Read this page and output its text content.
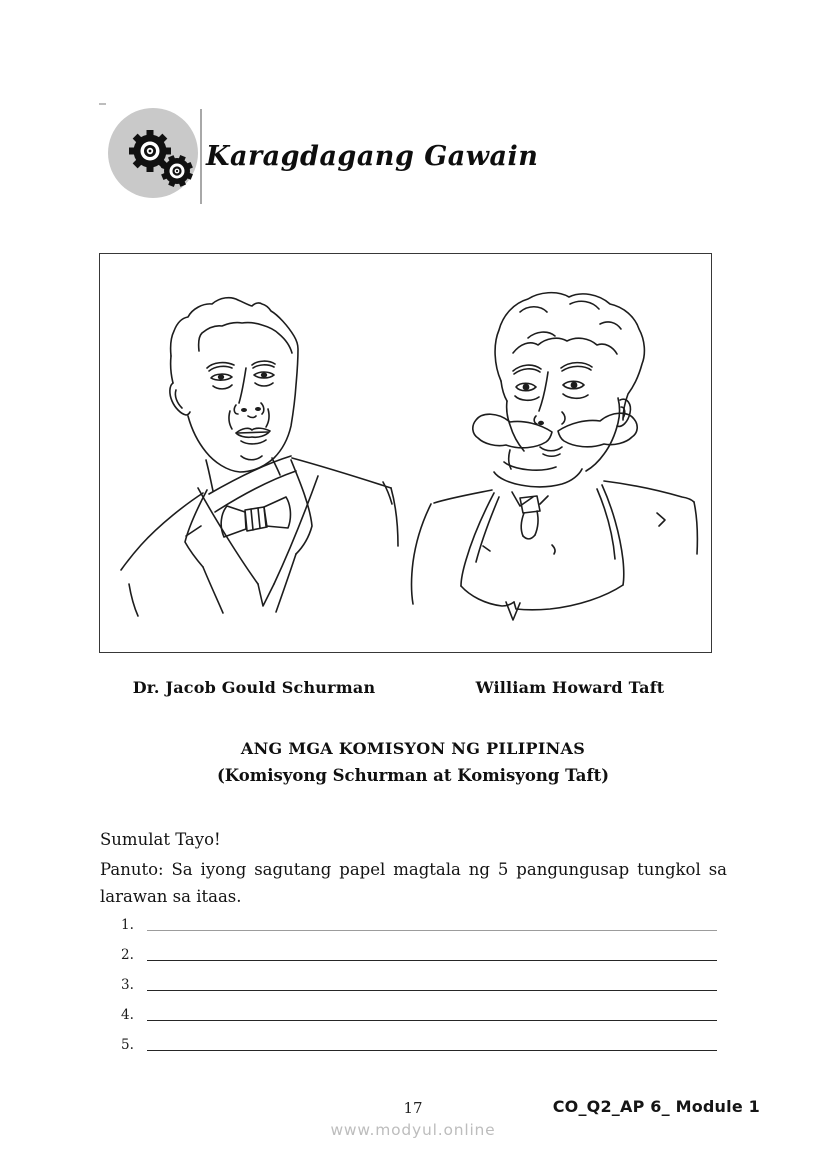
Karagdagang Gawain
Dr. Jacob Gould Schurman	William Howard Taft
ANG MGA KOMISYON NG PILIPINAS
(Komisyong Schurman at Komisyong Taft)
Sumulat Tayo!
Panuto: Sa iyong sagutang papel magtala ng 5 pangungusap tungkol sa
larawan sa itaas.
1.
2.
3.
4.
5.
17	CO_Q2_AP 6_ Module 1
www.modyul.online
